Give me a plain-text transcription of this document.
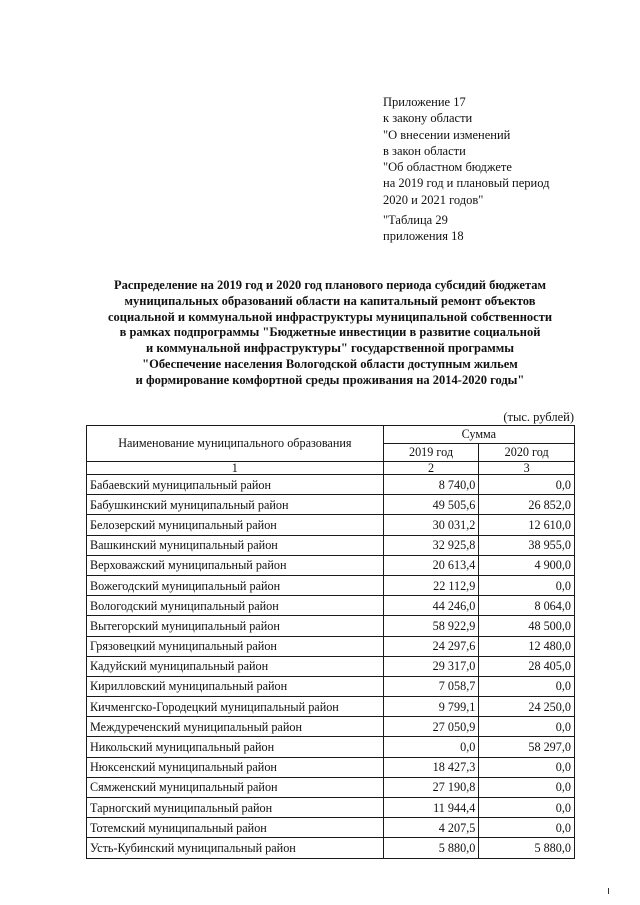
Приложение 17
к закону области
"О внесении изменений
в закон области
"Об областном бюджете
на 2019 год и плановый период
2020 и 2021 годов"
"Таблица 29
приложения 18
Распределение на 2019 год и 2020 год планового периода субсидий бюджетам
муниципальных образований области на капитальный ремонт объектов
социальной и коммунальной инфраструктуры муниципальной собственности
в рамках подпрограммы "Бюджетные инвестиции в развитие социальной
и коммунальной инфраструктуры" государственной программы
"Обеспечение населения Вологодской области доступным жильем
и формирование комфортной среды проживания на 2014-2020 годы"
(тыс. рублей)
Наименование муниципального образования	Сумма	
	2019 год	2020 год
1	2	3
Бабаевский муниципальный район	8 740,0	0,0
Бабушкинский муниципальный район	49 505,6	26 852,0
Белозерский муниципальный район	30 031,2	12 610,0
Вашкинский муниципальный район	32 925,8	38 955,0
Верховажский муниципальный район	20 613,4	4 900,0
Вожегодский муниципальный район	22 112,9	0,0
Вологодский муниципальный район	44 246,0	8 064,0
Вытегорский муниципальный район	58 922,9	48 500,0
Грязовецкий муниципальный район	24 297,6	12 480,0
Кадуйский муниципальный район	29 317,0	28 405,0
Кирилловский муниципальный район	7 058,7	0,0
Кичменгско-Городецкий муниципальный район	9 799,1	24 250,0
Междуреченский муниципальный район	27 050,9	0,0
Никольский муниципальный район	0,0	58 297,0
Нюксенский муниципальный район	18 427,3	0,0
Сямженский муниципальный район	27 190,8	0,0
Тарногский муниципальный район	11 944,4	0,0
Тотемский муниципальный район	4 207,5	0,0
Усть-Кубинский муниципальный район	5 880,0	5 880,0
